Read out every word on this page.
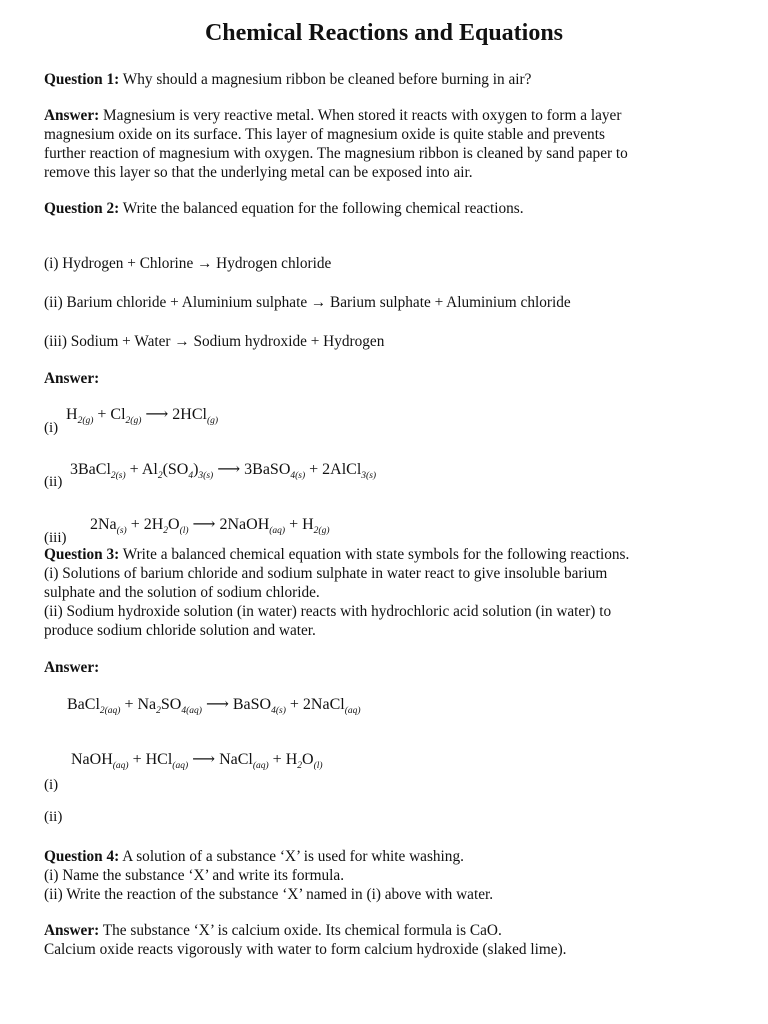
Chemical Reactions and Equations
Question 1: Why should a magnesium ribbon be cleaned before burning in air?
Answer: Magnesium is very reactive metal. When stored it reacts with oxygen to form a layer
magnesium oxide on its surface. This layer of magnesium oxide is quite stable and prevents
further reaction of magnesium with oxygen. The magnesium ribbon is cleaned by sand paper to
remove this layer so that the underlying metal can be exposed into air.
Question 2: Write the balanced equation for the following chemical reactions.
(i) Hydrogen + Chlorine → Hydrogen chloride
(ii) Barium chloride + Aluminium sulphate → Barium sulphate + Aluminium chloride
(iii) Sodium + Water → Sodium hydroxide + Hydrogen
Answer:
$H_{2(g)} + Cl_{2(g)}$ ⟶ 2HCl$_{(g)}$
(i)
3BaCl$_{2(s)}$ + $Al_2(SO_4)_{3(s)}$ ⟶ 3BaSO$_{4(s)}$ + 2AlCl$_{3(s)}$
(ii)
$2Na_{(s)} + 2H_2O_{(l)}$ ⟶ 2NaOH$_{(aq)}$ + $H_{2(g)}$
(iii)
Question 3: Write a balanced chemical equation with state symbols for the following reactions.
(i) Solutions of barium chloride and sodium sulphate in water react to give insoluble barium
sulphate and the solution of sodium chloride.
(ii) Sodium hydroxide solution (in water) reacts with hydrochloric acid solution (in water) to
produce sodium chloride solution and water.
Answer:
BaCl$_{2(aq)}$ + $Na_2SO_{4(aq)}$ ⟶ BaSO$_{4(s)}$ + 2NaCl$_{(aq)}$
NaOH$_{(aq)}$ + HCl$_{(aq)}$ ⟶ NaCl$_{(aq)}$ + $H_2O_{(l)}$
(i)
(ii)
Question 4: A solution of a substance ‘X’ is used for white washing.
(i) Name the substance ‘X’ and write its formula.
(ii) Write the reaction of the substance ‘X’ named in (i) above with water.
Answer: The substance ‘X’ is calcium oxide. Its chemical formula is CaO.
Calcium oxide reacts vigorously with water to form calcium hydroxide (slaked lime).
